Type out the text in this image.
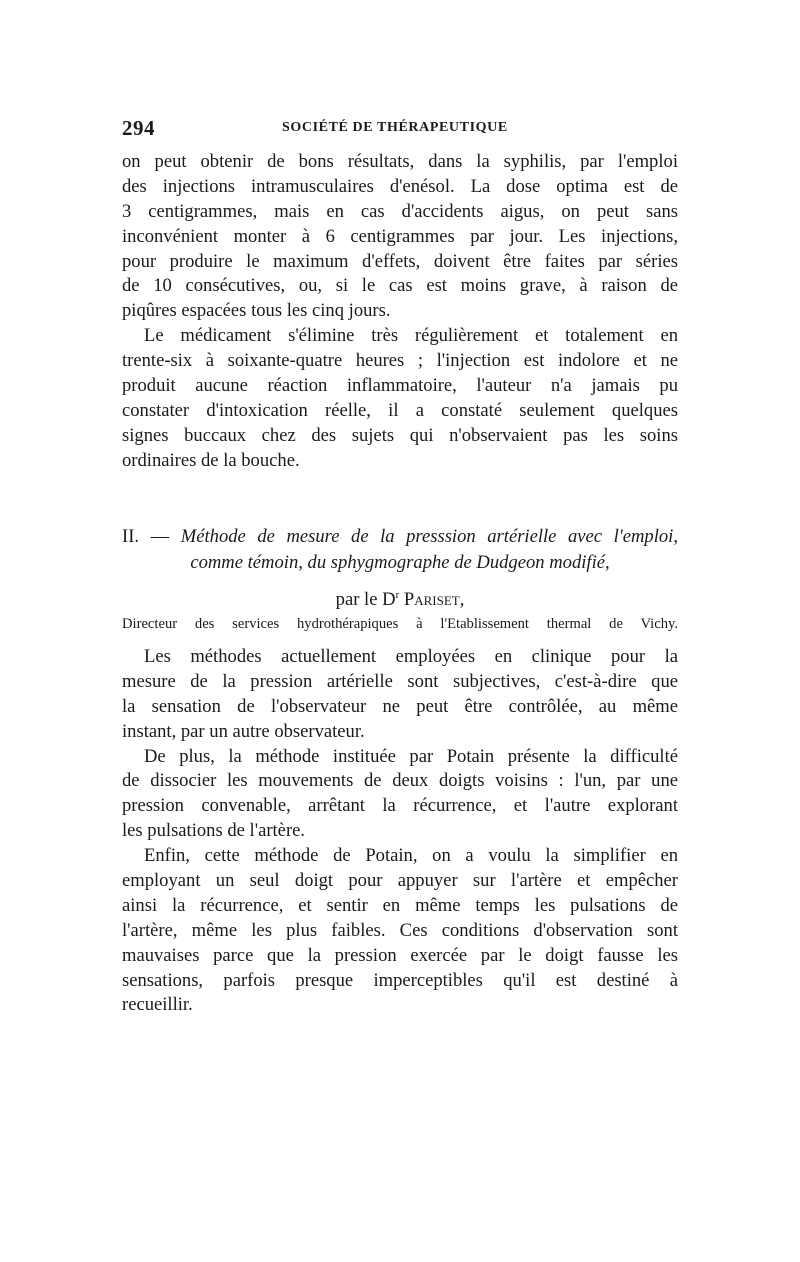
294	SOCIÉTÉ DE THÉRAPEUTIQUE
on peut obtenir de bons résultats, dans la syphilis, par l'emploi
des injections intramusculaires d'enésol. La dose optima est de
3 centigrammes, mais en cas d'accidents aigus, on peut sans
inconvénient monter à 6 centigrammes par jour. Les injections,
pour produire le maximum d'effets, doivent être faites par séries
de 10 consécutives, ou, si le cas est moins grave, à raison de
piqûres espacées tous les cinq jours.
Le médicament s'élimine très régulièrement et totalement en
trente-six à soixante-quatre heures ; l'injection est indolore et ne
produit aucune réaction inflammatoire, l'auteur n'a jamais pu
constater d'intoxication réelle, il a constaté seulement quelques
signes buccaux chez des sujets qui n'observaient pas les soins
ordinaires de la bouche.
II. — Méthode de mesure de la presssion artérielle avec l'emploi,
comme témoin, du sphygmographe de Dudgeon modifié,
par le $D^r$ Pariset,
Directeur des services hydrothérapiques à l'Etablissement thermal de Vichy.
Les méthodes actuellement employées en clinique pour la
mesure de la pression artérielle sont subjectives, c'est-à-dire que
la sensation de l'observateur ne peut être contrôlée, au même
instant, par un autre observateur.
De plus, la méthode instituée par Potain présente la difficulté
de dissocier les mouvements de deux doigts voisins : l'un, par une
pression convenable, arrêtant la récurrence, et l'autre explorant
les pulsations de l'artère.
Enfin, cette méthode de Potain, on a voulu la simplifier en
employant un seul doigt pour appuyer sur l'artère et empêcher
ainsi la récurrence, et sentir en même temps les pulsations de
l'artère, même les plus faibles. Ces conditions d'observation sont
mauvaises parce que la pression exercée par le doigt fausse les
sensations, parfois presque imperceptibles qu'il est destiné à
recueillir.
